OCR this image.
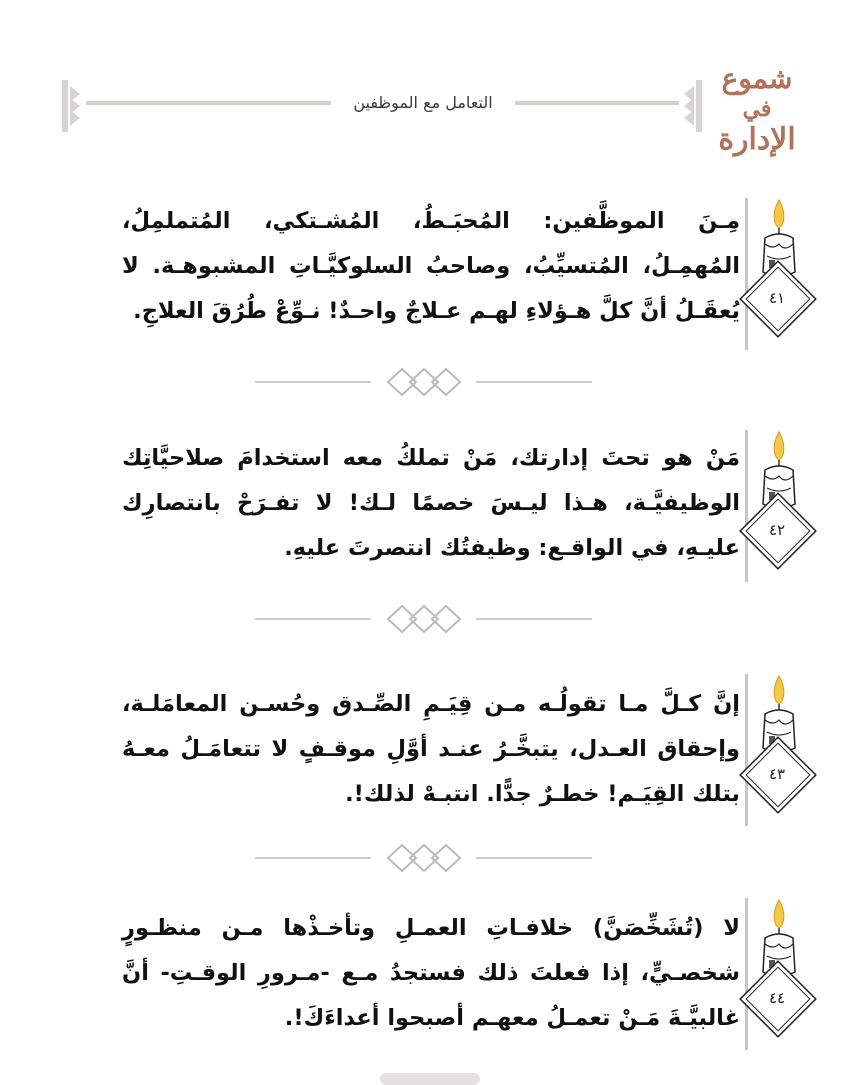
التعامل مع الموظفين
شموع
في
الإدارة
مِـنَ الموظَّفين: المُحبَـطُ، المُشـتكي، المُتملمِلُ، المُهمِـلُ، المُتسيِّبُ، وصاحبُ السلوكيَّـاتِ المشبوهـة. لا يُعقَـلُ أنَّ كلَّ هـؤلاءِ لهـم عـلاجٌ واحـدٌ! نـوِّعْ طُرُقَ العلاجِ.	٤١
مَنْ هو تحتَ إدارتك، مَنْ تملكُ معه استخدامَ صلاحيَّاتِك الوظيفيَّـة، هـذا ليـسَ خصمًا لـك! لا تفـرَحْ بانتصارِك عليـهِ، في الواقـع: وظيفتُك انتصرتَ عليهِ.
٤٢
إنَّ كـلَّ مـا تقولُـه مـن قِيَـمِ الصِّـدق وحُسـن المعامَلـة، وإحقاق العـدل، يتبخَّـرُ عنـد أوَّلِ موقـفٍ لا تتعامَـلُ معـهُ بتلك القِيَـم! خطـرٌ جدًّا. انتبـهْ لذلك!.
٤٣
لا (تُشَخِّصَنَّ) خلافـاتِ العمـلِ وتأخـذْها مـن منظـورٍ شخصـيٍّ، إذا فعلتَ ذلك فستجدُ مـع -مـرورِ الوقـتِ- أنَّ غالبيَّـةَ مَـنْ تعمـلُ معهـم أصبحوا أعداءَكَ!.
٤٤
